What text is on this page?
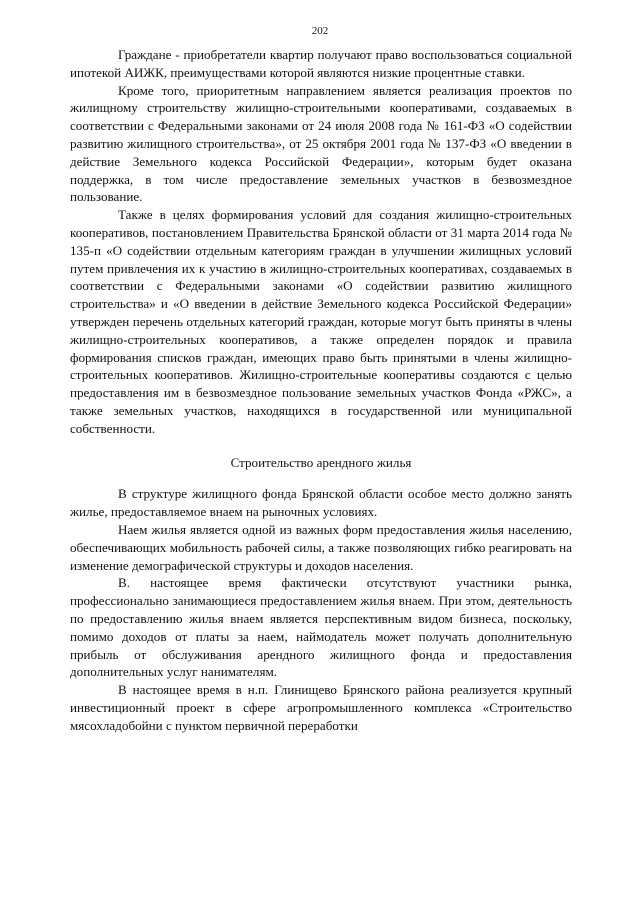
202

Граждане - приобретатели квартир получают право воспользоваться социальной ипотекой АИЖК, преимуществами которой являются низкие процентные ставки.

Кроме того, приоритетным направлением является реализация проектов по жилищному строительству жилищно-строительными кооперативами, создаваемых в соответствии с Федеральными законами от 24 июля 2008 года № 161-ФЗ «О содействии развитию жилищного строительства», от 25 октября 2001 года № 137-ФЗ «О введении в действие Земельного кодекса Российской Федерации», которым будет оказана поддержка, в том числе предоставление земельных участков в безвозмездное пользование.

Также в целях формирования условий для создания жилищно-строительных кооперативов, постановлением Правительства Брянской области от 31 марта 2014 года № 135-п «О содействии отдельным категориям граждан в улучшении жилищных условий путем привлечения их к участию в жилищно-строительных кооперативах, создаваемых в соответствии с Федеральными законами «О содействии развитию жилищного строительства» и «О введении в действие Земельного кодекса Российской Федерации» утвержден перечень отдельных категорий граждан, которые могут быть приняты в члены жилищно-строительных кооперативов, а также определен порядок и правила формирования списков граждан, имеющих право быть принятыми в члены жилищно-строительных кооперативов. Жилищно-строительные кооперативы создаются с целью предоставления им в безвозмездное пользование земельных участков Фонда «РЖС», а также земельных участков, находящихся в государственной или муниципальной собственности.

Строительство арендного жилья

В структуре жилищного фонда Брянской области особое место должно занять жилье, предоставляемое внаем на рыночных условиях.

Наем жилья является одной из важных форм предоставления жилья населению, обеспечивающих мобильность рабочей силы, а также позволяющих гибко реагировать на изменение демографической структуры и доходов населения.

В. настоящее время фактически отсутствуют участники рынка, профессионально занимающиеся предоставлением жилья внаем. При этом, деятельность по предоставлению жилья внаем является перспективным видом бизнеса, поскольку, помимо доходов от платы за наем, наймодатель может получать дополнительную прибыль от обслуживания арендного жилищного фонда и предоставления дополнительных услуг нанимателям.

В настоящее время в н.п. Глинищево Брянского района реализуется крупный инвестиционный проект в сфере агропромышленного комплекса «Строительство мясохладобойни с пунктом первичной переработки
